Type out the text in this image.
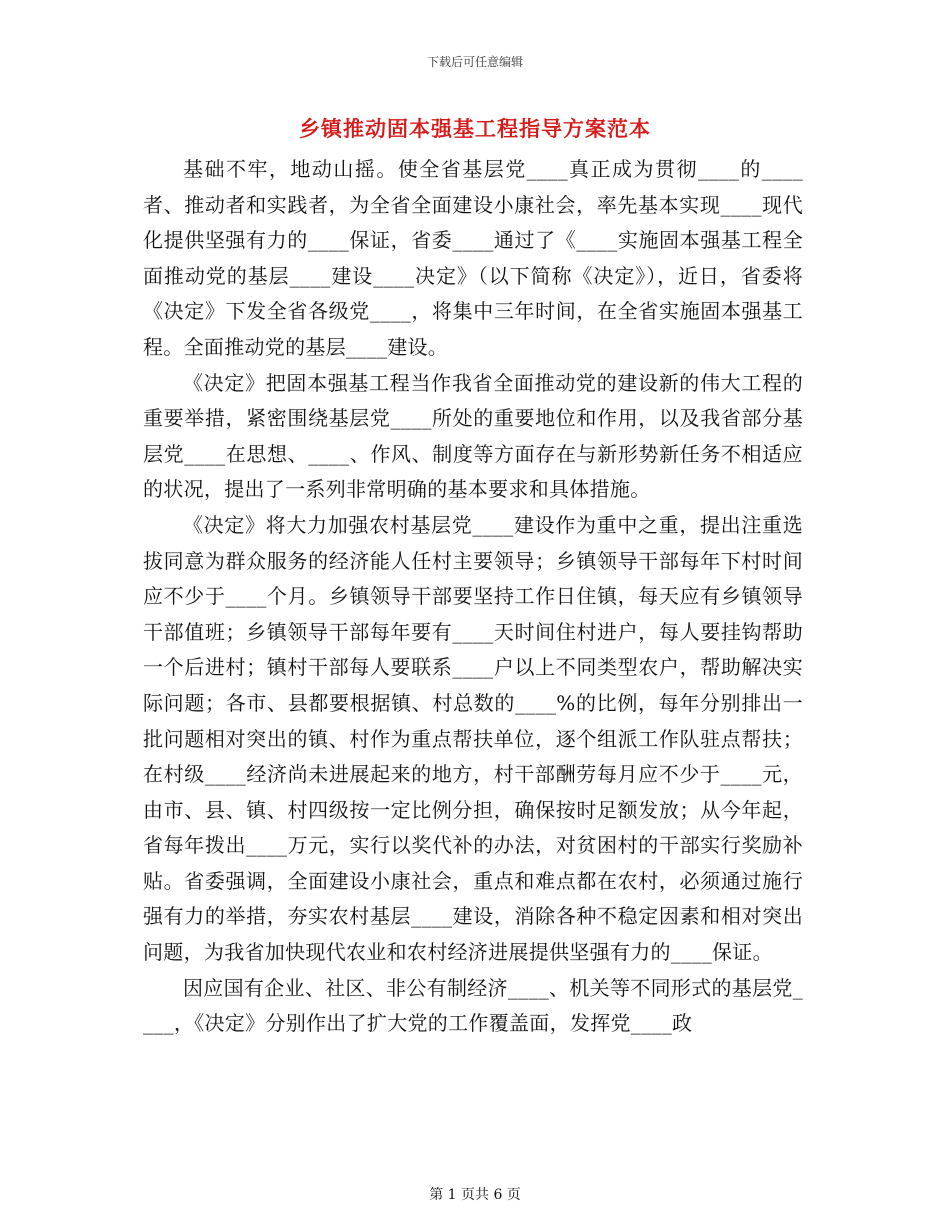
下载后可任意编辑
乡镇推动固本强基工程指导方案范本

基础不牢，地动山摇。使全省基层党____真正成为贯彻____的____者、推动者和实践者，为全省全面建设小康社会，率先基本实现____现代化提供坚强有力的____保证，省委____通过了《____实施固本强基工程全面推动党的基层____建设____决定》（以下简称《决定》），近日，省委将《决定》下发全省各级党____，将集中三年时间，在全省实施固本强基工程。全面推动党的基层____建设。

《决定》把固本强基工程当作我省全面推动党的建设新的伟大工程的重要举措，紧密围绕基层党____所处的重要地位和作用，以及我省部分基层党____在思想、____、作风、制度等方面存在与新形势新任务不相适应的状况，提出了一系列非常明确的基本要求和具体措施。

《决定》将大力加强农村基层党____建设作为重中之重，提出注重选拔同意为群众服务的经济能人任村主要领导；乡镇领导干部每年下村时间应不少于____个月。乡镇领导干部要坚持工作日住镇，每天应有乡镇领导干部值班；乡镇领导干部每年要有____天时间住村进户，每人要挂钩帮助一个后进村；镇村干部每人要联系____户以上不同类型农户，帮助解决实际问题；各市、县都要根据镇、村总数的____%的比例，每年分别排出一批问题相对突出的镇、村作为重点帮扶单位，逐个组派工作队驻点帮扶；在村级____经济尚未进展起来的地方，村干部酬劳每月应不少于____元，由市、县、镇、村四级按一定比例分担，确保按时足额发放；从今年起，省每年拨出____万元，实行以奖代补的办法，对贫困村的干部实行奖励补贴。省委强调，全面建设小康社会，重点和难点都在农村，必须通过施行强有力的举措，夯实农村基层____建设，消除各种不稳定因素和相对突出问题，为我省加快现代农业和农村经济进展提供坚强有力的____保证。

因应国有企业、社区、非公有制经济____、机关等不同形式的基层党____，《决定》分别作出了扩大党的工作覆盖面，发挥党____政

第 1 页共 6 页
